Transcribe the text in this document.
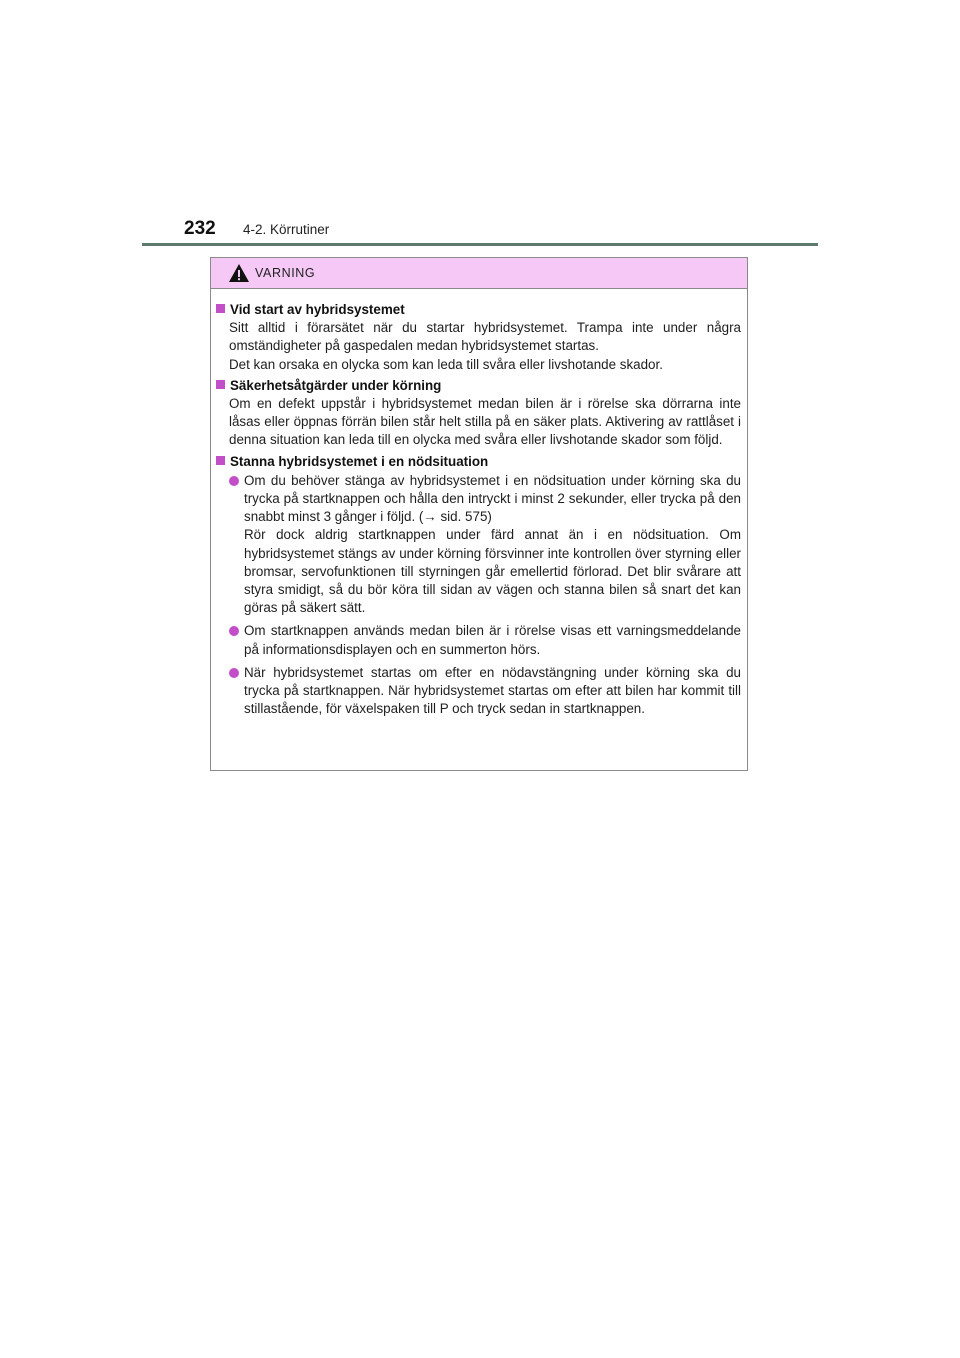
232 4-2. Körrutiner
VARNING
Vid start av hybridsystemet

Sitt alltid i förarsätet när du startar hybridsystemet. Trampa inte under några omständigheter på gaspedalen medan hybridsystemet startas.

Det kan orsaka en olycka som kan leda till svåra eller livshotande skador.

Säkerhetsåtgärder under körning

Om en defekt uppstår i hybridsystemet medan bilen är i rörelse ska dörrarna inte låsas eller öppnas förrän bilen står helt stilla på en säker plats. Aktivering av rattlåset i denna situation kan leda till en olycka med svåra eller livshotande skador som följd.

Stanna hybridsystemet i en nödsituation

Om du behöver stänga av hybridsystemet i en nödsituation under körning ska du trycka på startknappen och hålla den intryckt i minst 2 sekunder, eller trycka på den snabbt minst 3 gånger i följd. (→ sid. 575)

Rör dock aldrig startknappen under färd annat än i en nödsituation. Om hybridsystemet stängs av under körning försvinner inte kontrollen över styrning eller bromsar, servofunktionen till styrningen går emellertid förlorad. Det blir svårare att styra smidigt, så du bör köra till sidan av vägen och stanna bilen så snart det kan göras på säkert sätt.

Om startknappen används medan bilen är i rörelse visas ett varningsmeddelande på informationsdisplayen och en summerton hörs.

När hybridsystemet startas om efter en nödavstängning under körning ska du trycka på startknappen. När hybridsystemet startas om efter att bilen har kommit till stillastående, för växelspaken till P och tryck sedan in startknappen.
